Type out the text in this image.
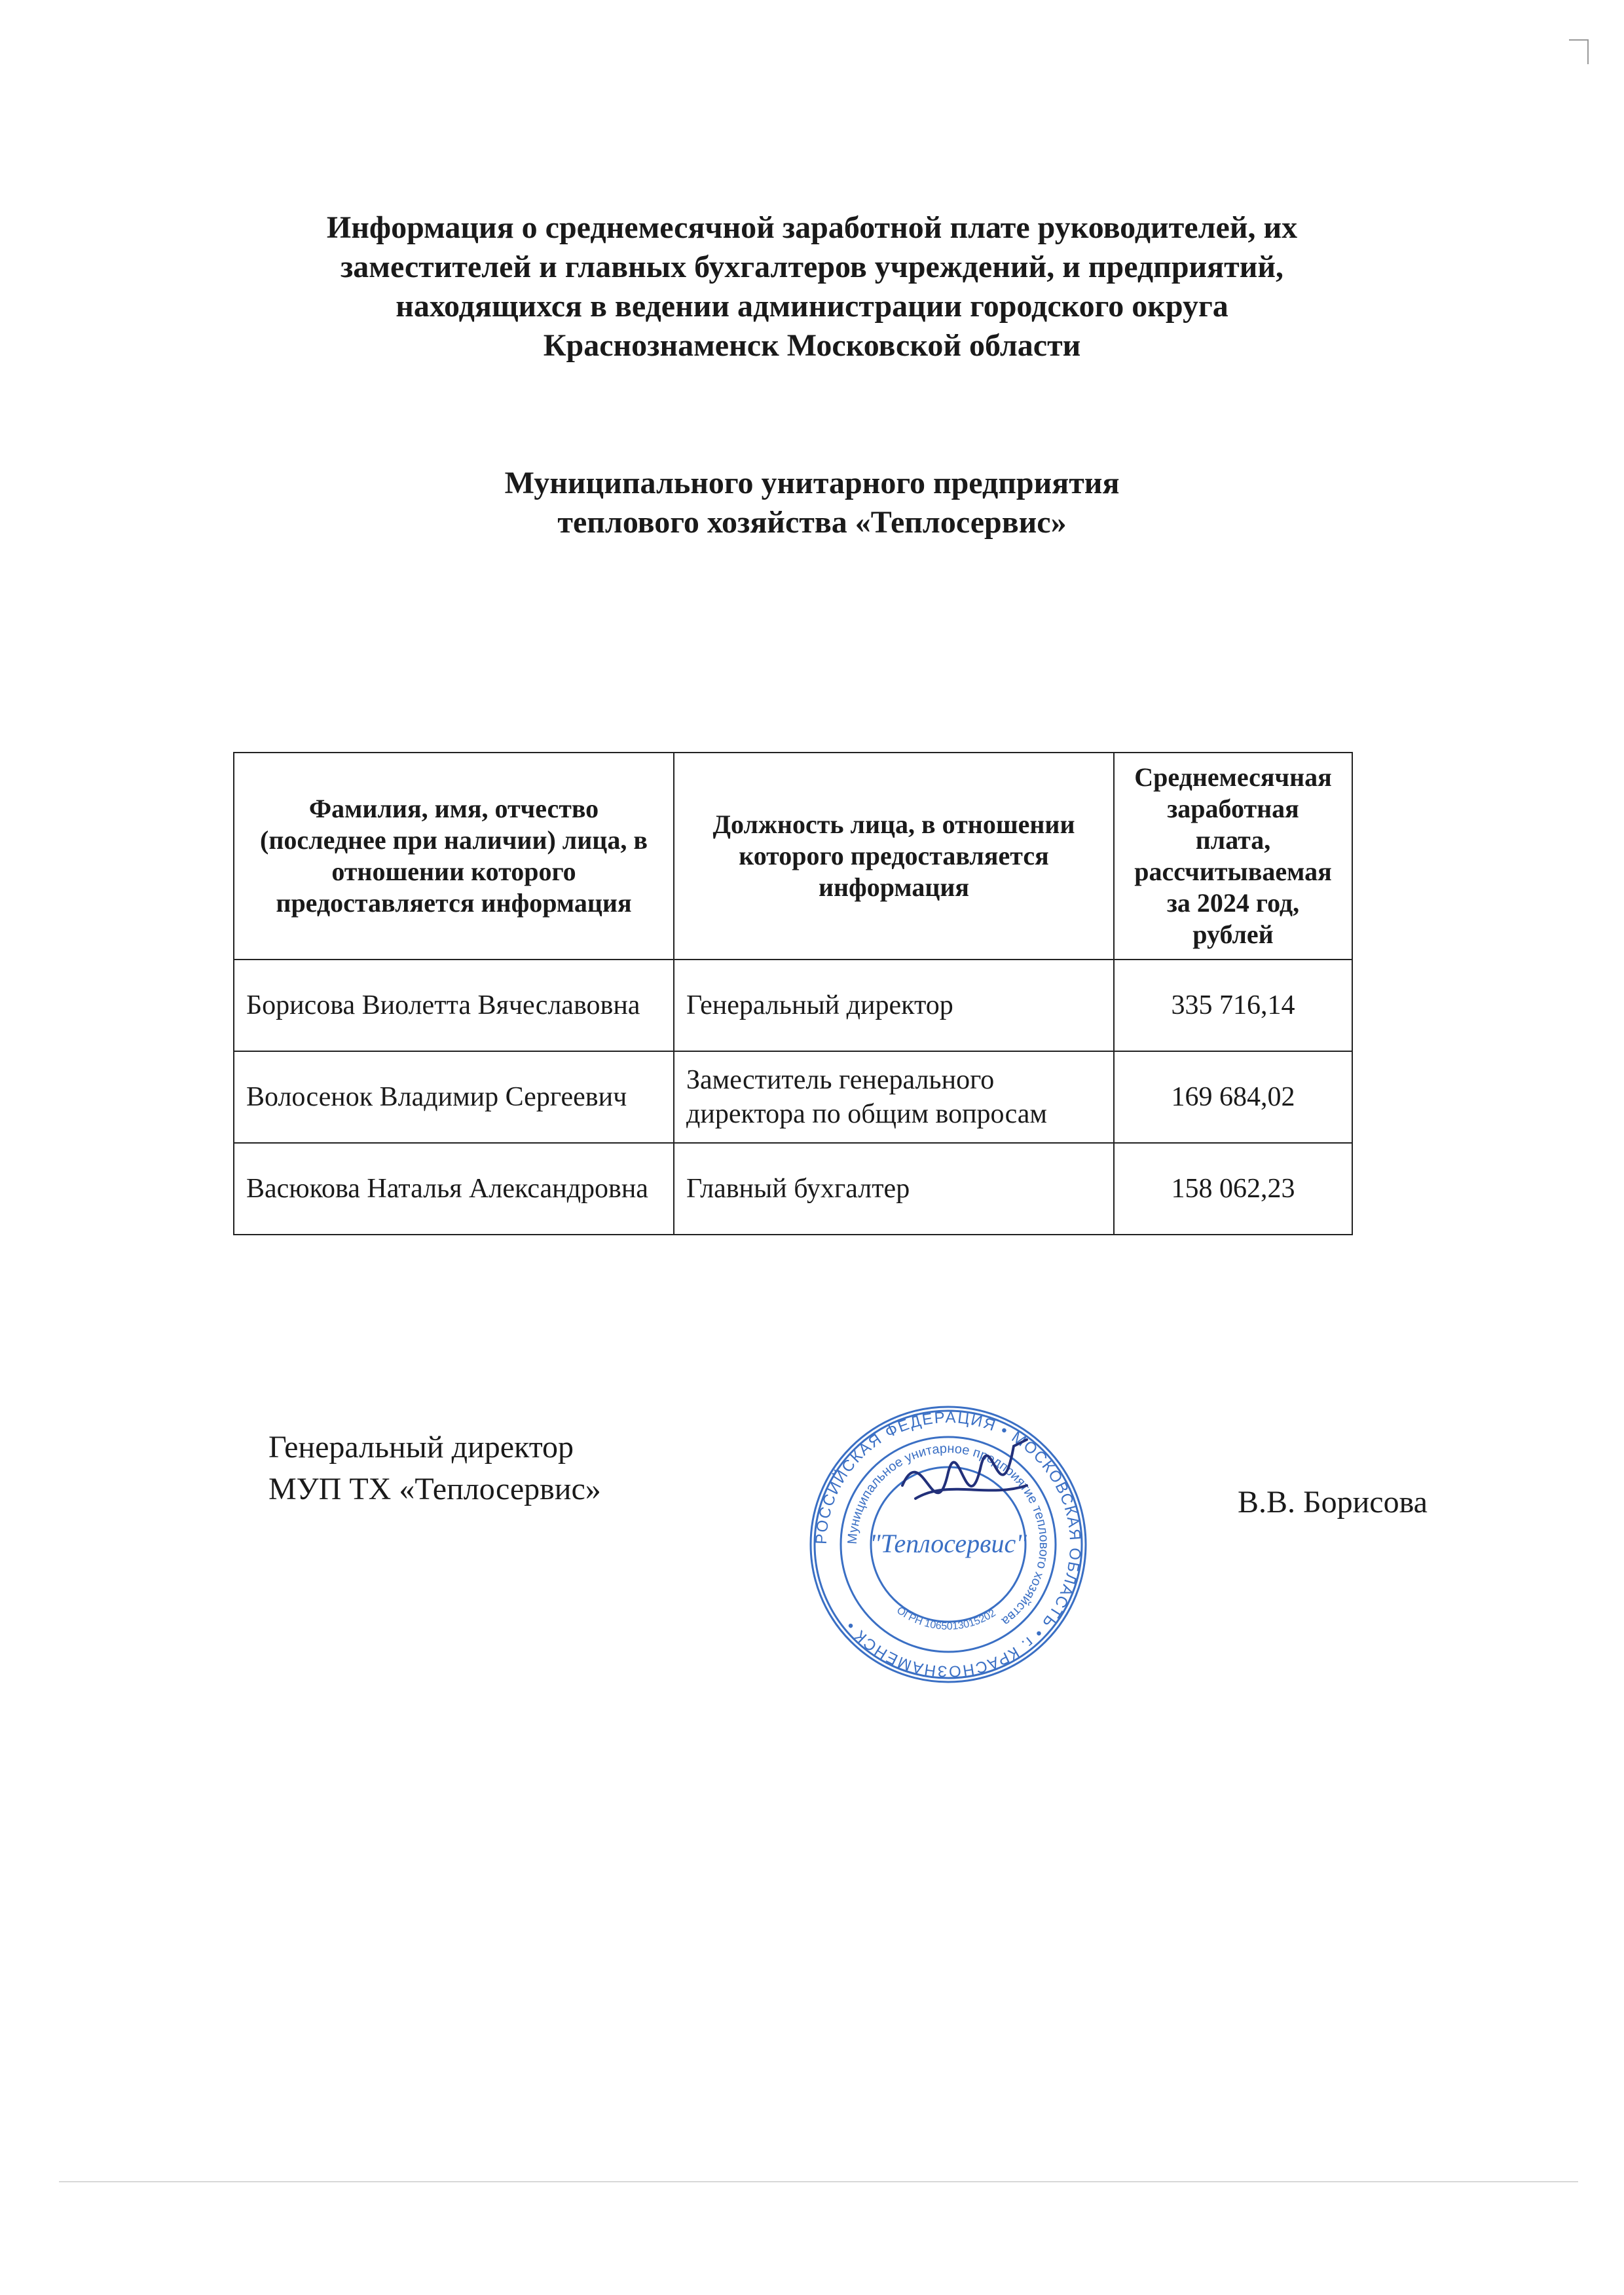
Информация о среднемесячной заработной плате руководителей, их
заместителей и главных бухгалтеров учреждений, и предприятий,
находящихся в ведении администрации городского округа
Краснознаменск Московской области
Муниципального унитарного предприятия
теплового хозяйства «Теплосервис»
Фамилия, имя, отчество (последнее при наличии) лица, в отношении которого предоставляется информация	Должность лица, в отношении которого предоставляется информация	Среднемесячная заработная плата, рассчитываемая за 2024 год, рублей
Борисова Виолетта Вячеславовна	Генеральный директор	335 716,14
Волосенок Владимир Сергеевич	Заместитель генерального директора по общим вопросам	169 684,02
Васюкова Наталья Александровна	Главный бухгалтер	158 062,23
Генеральный директор
МУП ТХ «Теплосервис»
РОССИЙСКАЯ ФЕДЕРАЦИЯ • МОСКОВСКАЯ ОБЛАСТЬ • г. КРАСНОЗНАМЕНСК •
Муниципальное унитарное предприятие теплового хозяйства
ОГРН 1065013015202
"Теплосервис"
В.В. Борисова
